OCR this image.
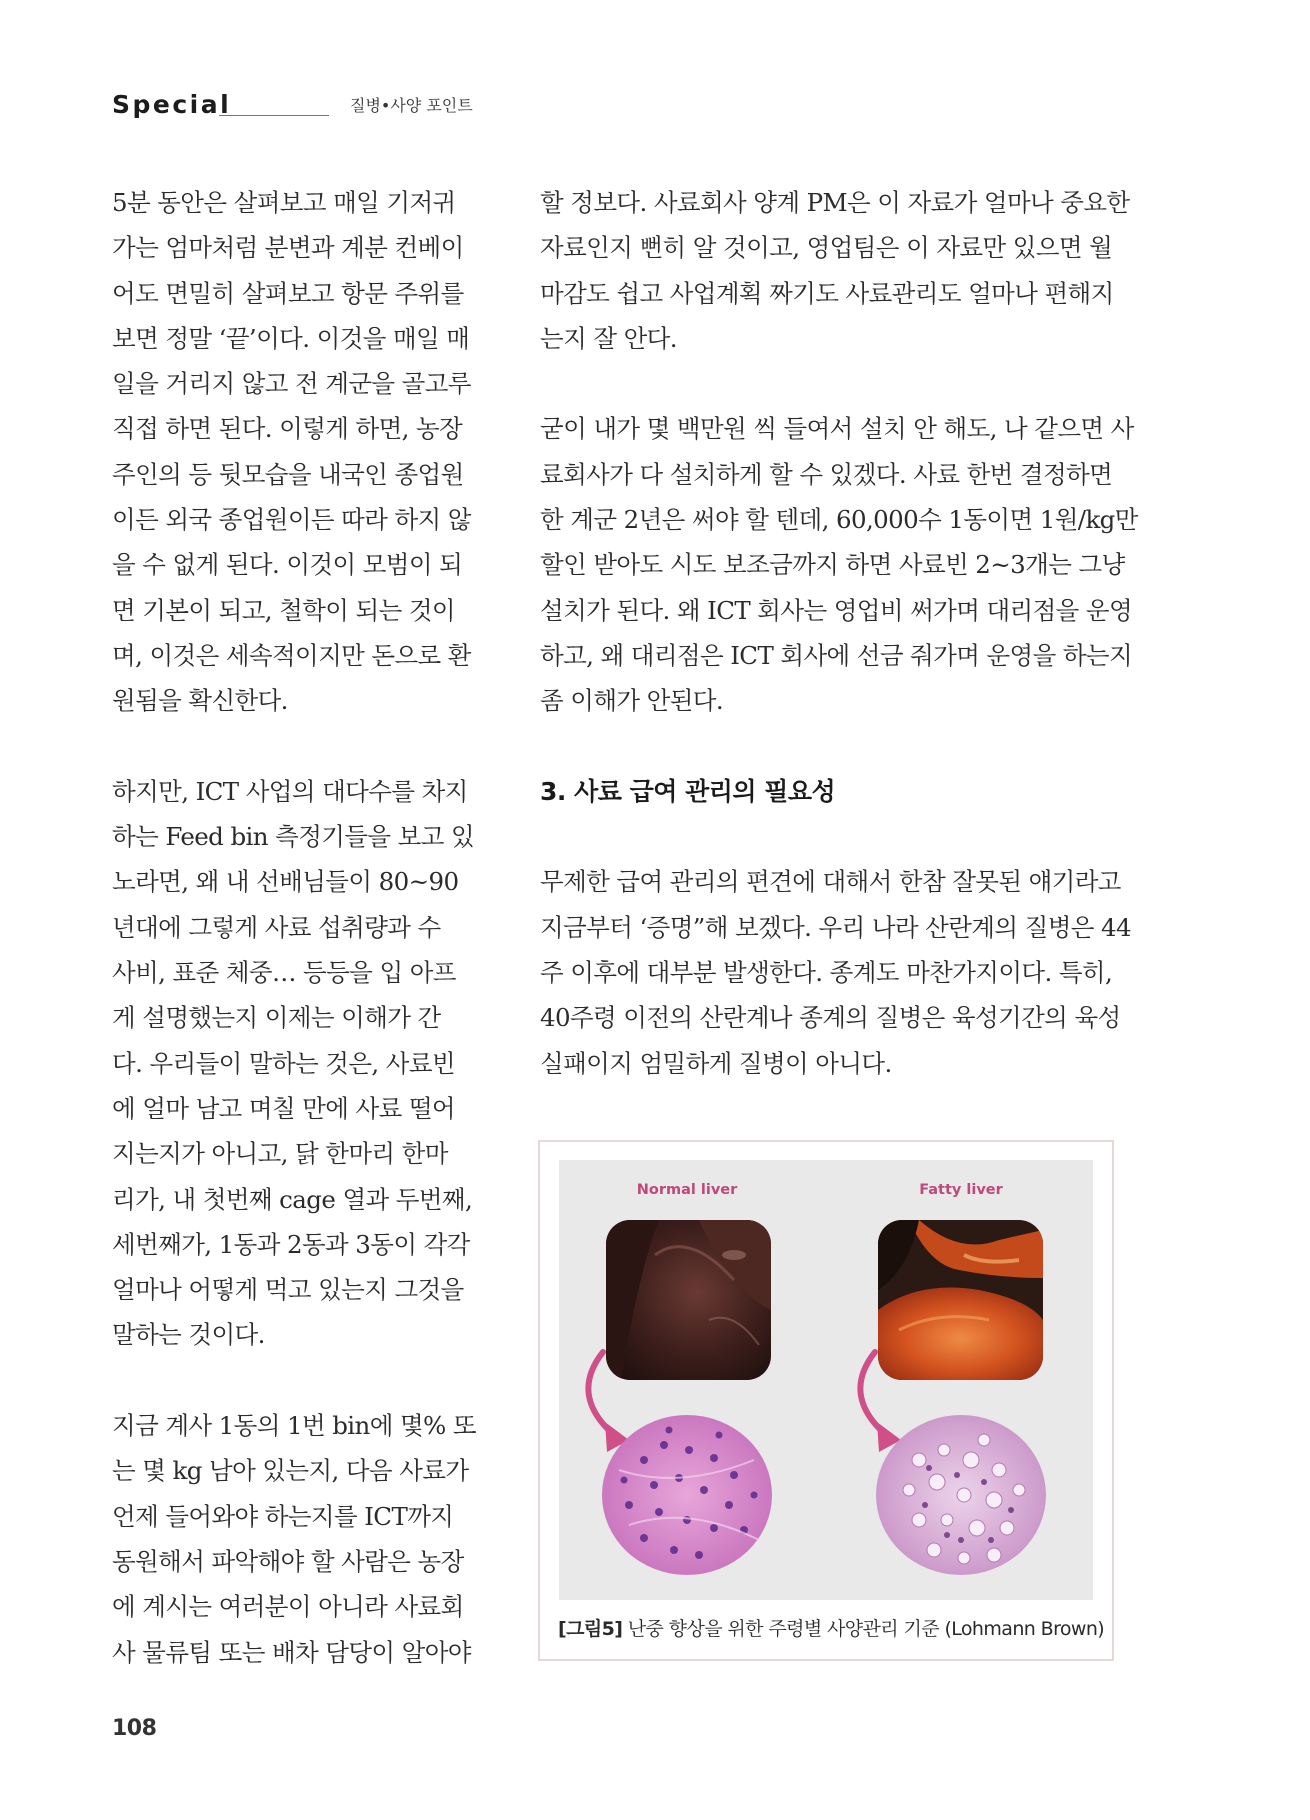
Special	질병•사양 포인트

5분 동안은 살펴보고 매일 기저귀
가는 엄마처럼 분변과 계분 컨베이
어도 면밀히 살펴보고 항문 주위를
보면 정말 ‘끝’이다. 이것을 매일 매
일을 거리지 않고 전 계군을 골고루
직접 하면 된다. 이렇게 하면, 농장
주인의 등 뒷모습을 내국인 종업원
이든 외국 종업원이든 따라 하지 않
을 수 없게 된다. 이것이 모범이 되
면 기본이 되고, 철학이 되는 것이
며, 이것은 세속적이지만 돈으로 환
원됨을 확신한다.

하지만, ICT 사업의 대다수를 차지
하는 Feed bin 측정기들을 보고 있
노라면, 왜 내 선배님들이 80~90
년대에 그렇게 사료 섭취량과 수
사비, 표준 체중… 등등을 입 아프
게 설명했는지 이제는 이해가 간
다. 우리들이 말하는 것은, 사료빈
에 얼마 남고 며칠 만에 사료 떨어
지는지가 아니고, 닭 한마리 한마
리가, 내 첫번째 cage 열과 두번째,
세번째가, 1동과 2동과 3동이 각각
얼마나 어떻게 먹고 있는지 그것을
말하는 것이다.

지금 계사 1동의 1번 bin에 몇% 또
는 몇 kg 남아 있는지, 다음 사료가
언제 들어와야 하는지를 ICT까지
동원해서 파악해야 할 사람은 농장
에 계시는 여러분이 아니라 사료회
사 물류팀 또는 배차 담당이 알아야

할 정보다. 사료회사 양계 PM은 이 자료가 얼마나 중요한
자료인지 뻔히 알 것이고, 영업팀은 이 자료만 있으면 월
마감도 쉽고 사업계획 짜기도 사료관리도 얼마나 편해지
는지 잘 안다.

굳이 내가 몇 백만원 씩 들여서 설치 안 해도, 나 같으면 사
료회사가 다 설치하게 할 수 있겠다. 사료 한번 결정하면
한 계군 2년은 써야 할 텐데, 60,000수 1동이면 1원/kg만
할인 받아도 시도 보조금까지 하면 사료빈 2~3개는 그냥
설치가 된다. 왜 ICT 회사는 영업비 써가며 대리점을 운영
하고, 왜 대리점은 ICT 회사에 선금 줘가며 운영을 하는지
좀 이해가 안된다.

3. 사료 급여 관리의 필요성

무제한 급여 관리의 편견에 대해서 한참 잘못된 얘기라고
지금부터 ‘증명”해 보겠다. 우리 나라 산란계의 질병은 44
주 이후에 대부분 발생한다. 종계도 마찬가지이다. 특히,
40주령 이전의 산란계나 종계의 질병은 육성기간의 육성
실패이지 엄밀하게 질병이 아니다.

Normal liver	Fatty liver
[그림5] 난중 향상을 위한 주령별 사양관리 기준 (Lohmann Brown)
108
